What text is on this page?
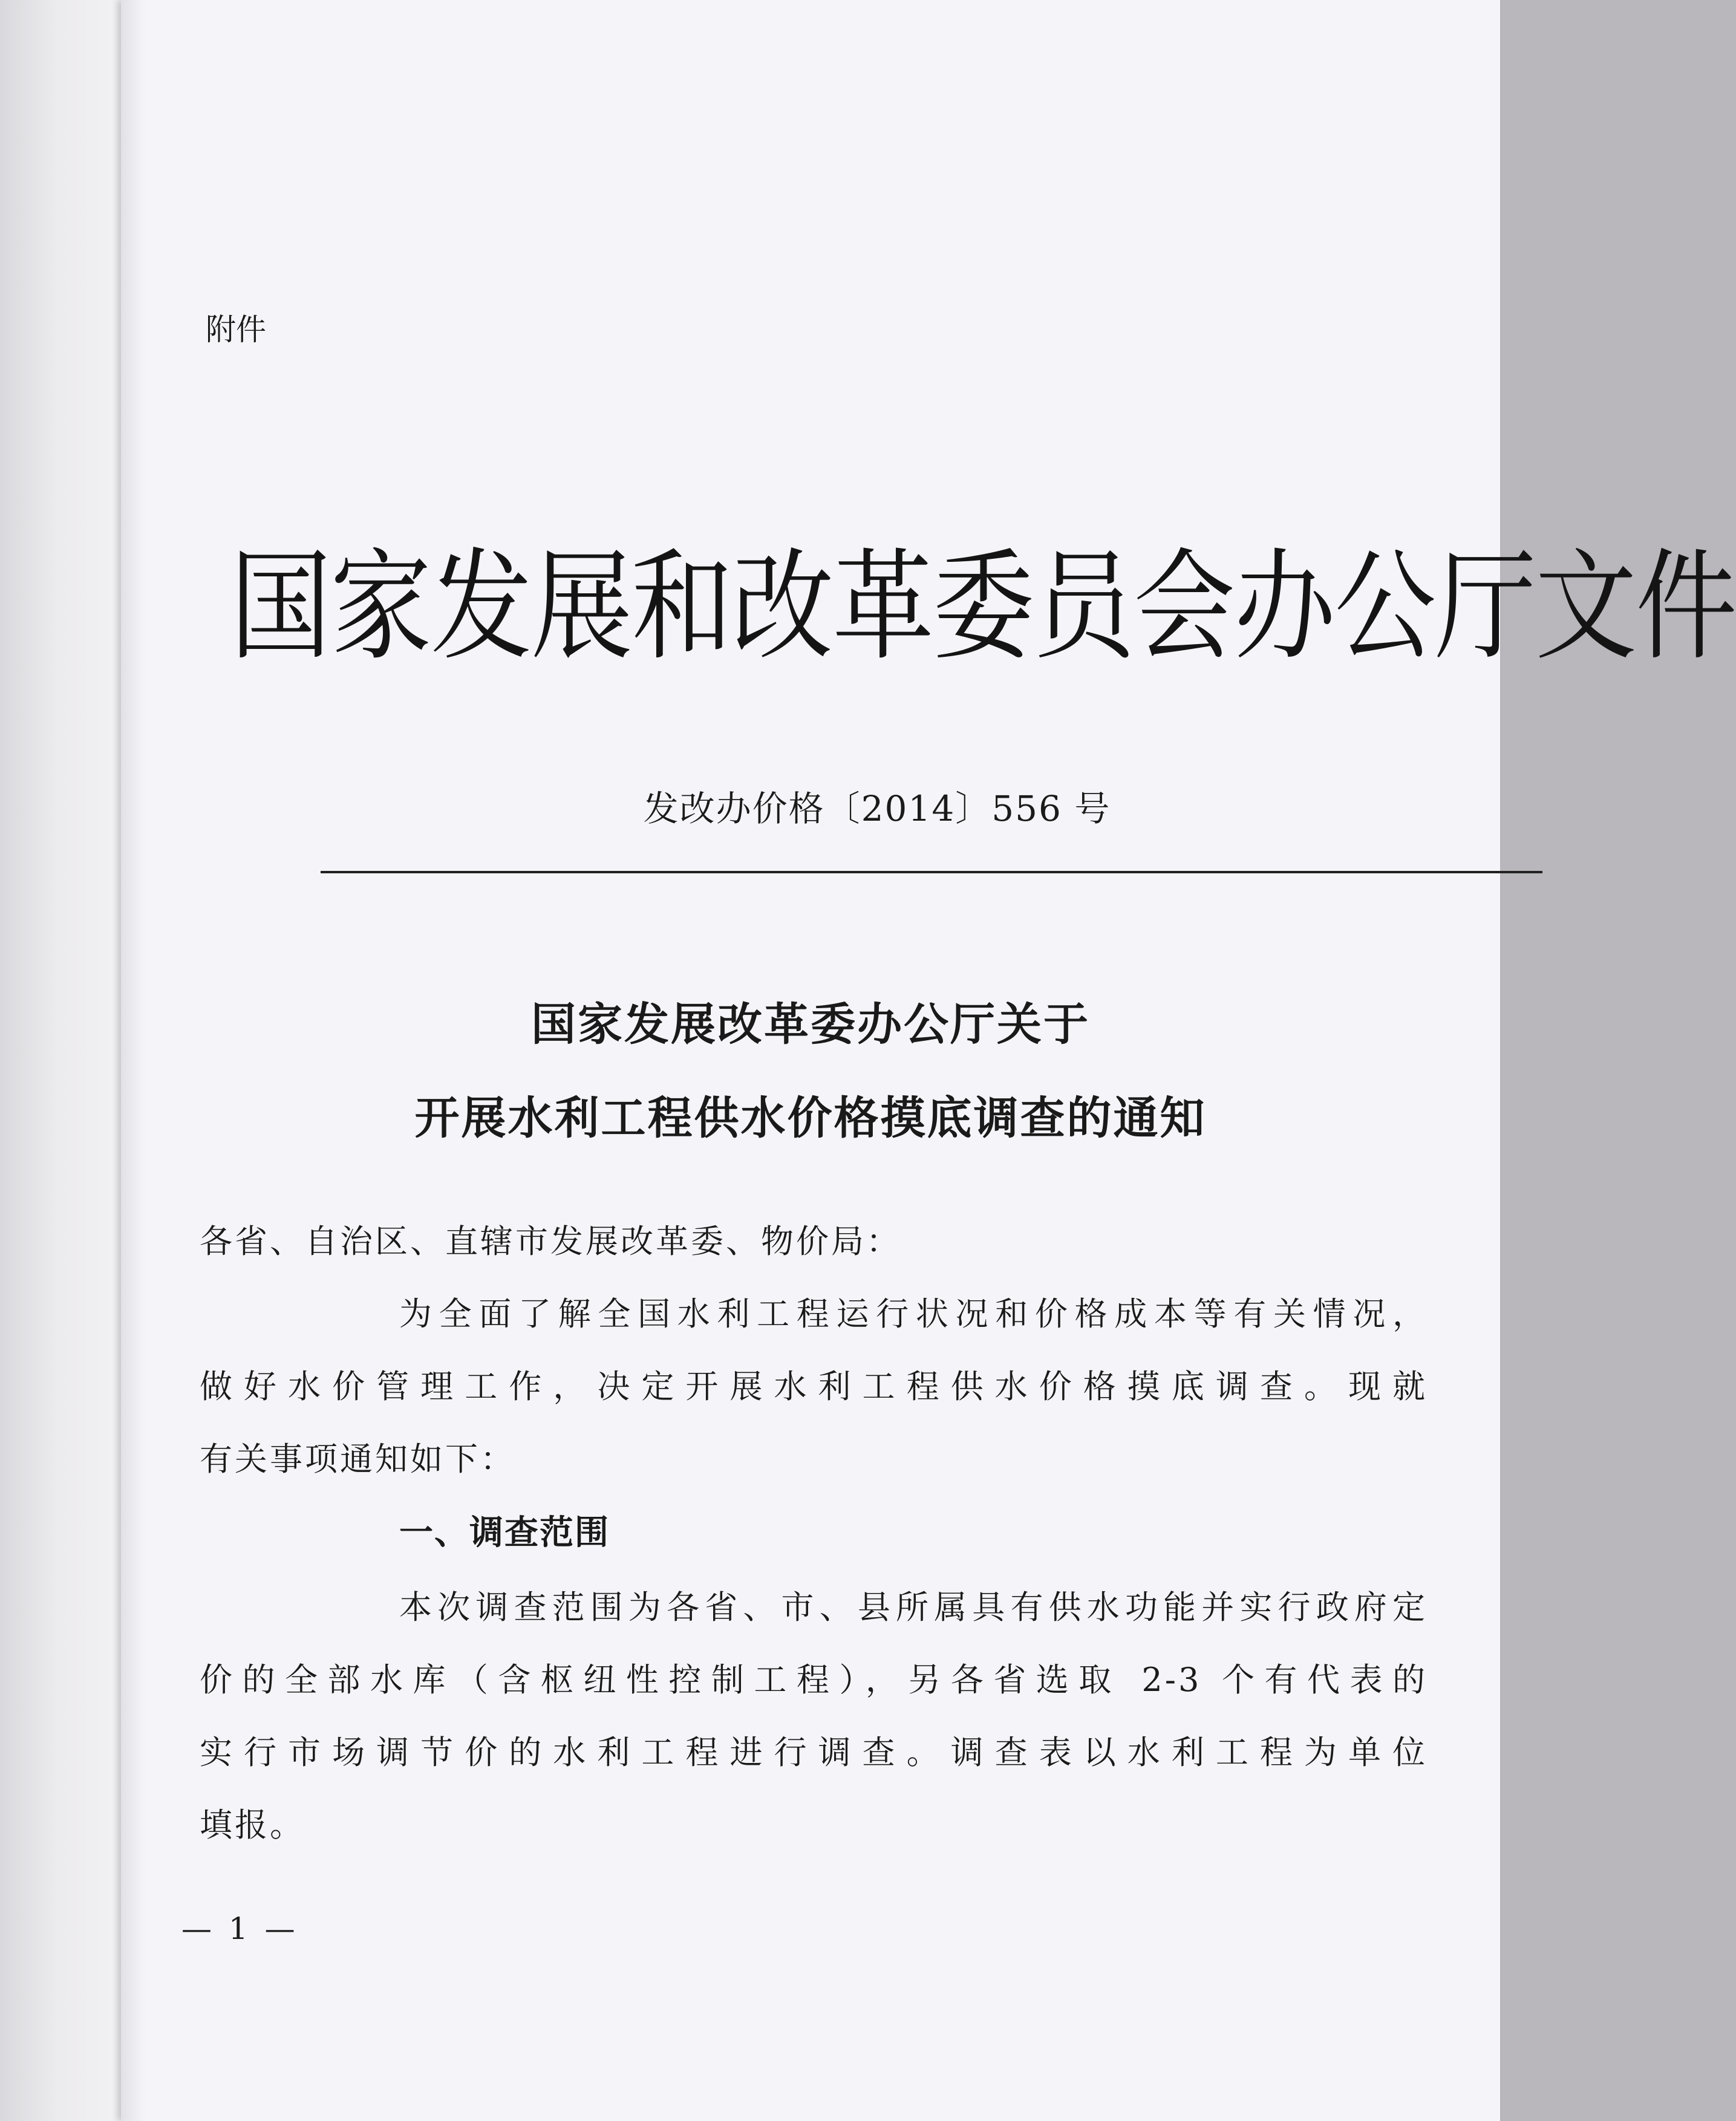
附件
国家发展和改革委员会办公厅文件
发改办价格〔2014〕556 号
国家发展改革委办公厅关于
开展水利工程供水价格摸底调查的通知
各省、自治区、直辖市发展改革委、物价局：
为全面了解全国水利工程运行状况和价格成本等有关情况，
做好水价管理工作，决定开展水利工程供水价格摸底调查。现就
有关事项通知如下：
一、调查范围
本次调查范围为各省、市、县所属具有供水功能并实行政府定
价的全部水库（含枢纽性控制工程），另各省选取 2-3 个有代表的
实行市场调节价的水利工程进行调查。调查表以水利工程为单位
填报。
— 1 —
